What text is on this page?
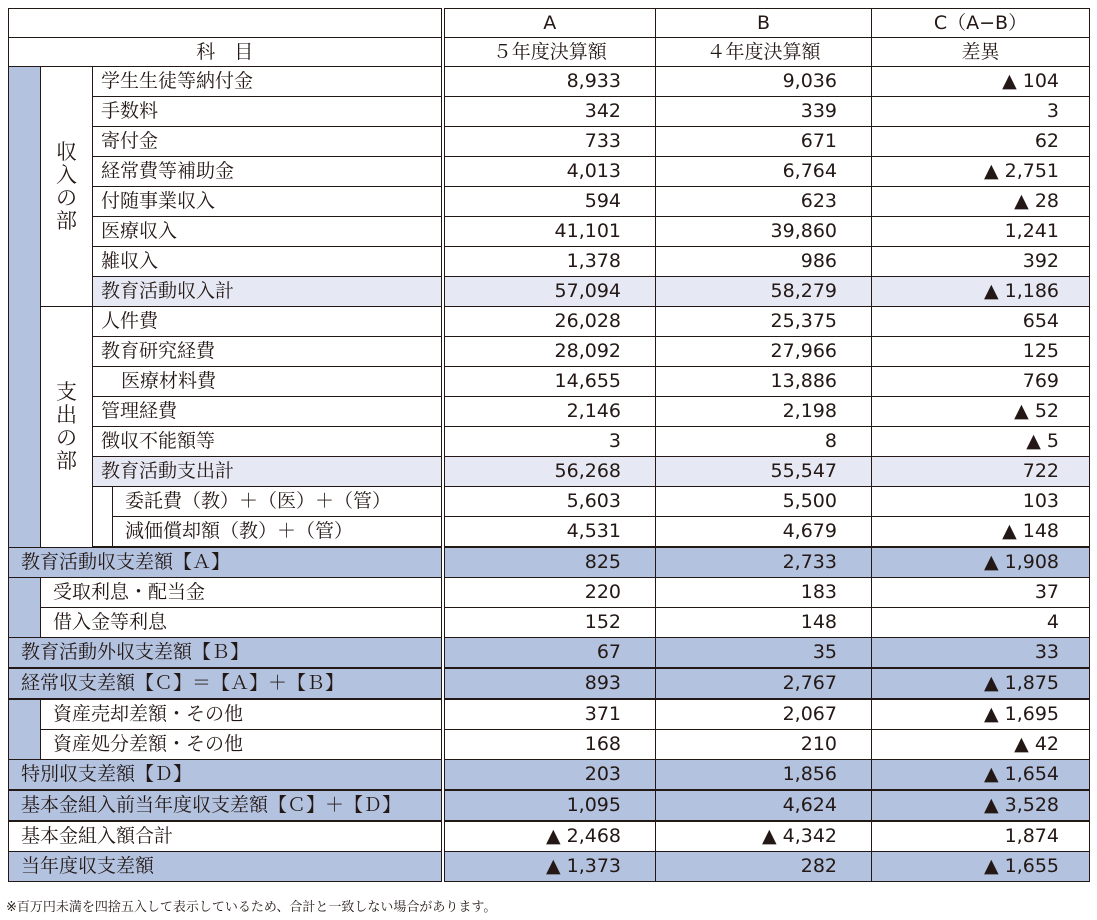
				A	B	C（A−B）
科　目				５年度決算額	４年度決算額	差異
	収入の部	学生生徒等納付金		8,933	9,036	▲ 104
		手数料		342	339	3
		寄付金		733	671	62
		経常費等補助金		4,013	6,764	▲ 2,751
		付随事業収入		594	623	▲ 28
		医療収入		41,101	39,860	1,241
		雑収入		1,378	986	392
		教育活動収入計		57,094	58,279	▲ 1,186
	支出の部	人件費		26,028	25,375	654
		教育研究経費		28,092	27,966	125
		医療材料費		14,655	13,886	769
		管理経費		2,146	2,198	▲ 52
		徴収不能額等		3	8	▲ 5
		教育活動支出計		56,268	55,547	722
			委託費（教）＋（医）＋（管）	5,603	5,500	103
			減価償却額（教）＋（管）	4,531	4,679	▲ 148

教育活動収支差額【Ａ】				825	2,733	▲ 1,908
	受取利息・配当金			220	183	37
	借入金等利息			152	148	4
教育活動外収支差額【Ｂ】				67	35	33
経常収支差額【Ｃ】＝【Ａ】＋【Ｂ】				893	2,767	▲ 1,875
	資産売却差額・その他			371	2,067	▲ 1,695
	資産処分差額・その他			168	210	▲ 42
特別収支差額【Ｄ】				203	1,856	▲ 1,654
基本金組入前当年度収支差額【Ｃ】＋【Ｄ】				1,095	4,624	▲ 3,528
基本金組入額合計				▲ 2,468	▲ 4,342	1,874
当年度収支差額				▲ 1,373	282	▲ 1,655
※百万円未満を四捨五入して表示しているため、合計と一致しない場合があります。
